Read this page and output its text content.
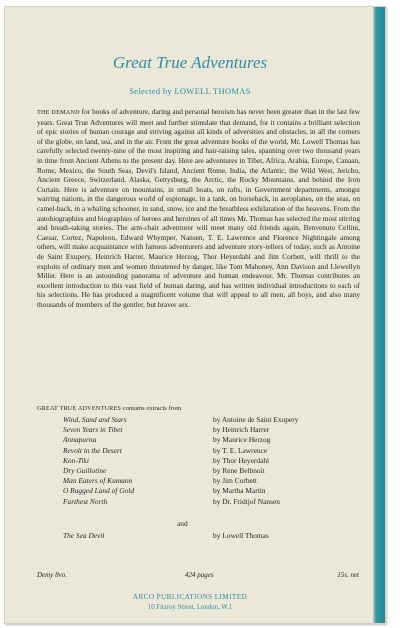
Great True Adventures
Selected by LOWELL THOMAS

THE DEMAND for books of adventure, daring and personal heroism has never been greater than in the last few years. Great True Adventures will meet and further stimulate that demand, for it contains a brilliant selection of epic stories of human courage and striving against all kinds of adversities and obstacles, in all the corners of the globe, on land, sea, and in the air. From the great adventure books of the world, Mr. Lowell Thomas has carefully selected twenty-nine of the most inspiring and hair-raising tales, spanning over two thousand years in time from Ancient Athens to the present day. Here are adventures in Tibet, Africa, Arabia, Europe, Canaan, Rome, Mexico, the South Seas, Devil's Island, Ancient Rome, India, the Atlantic, the Wild West, Jericho, Ancient Greece, Switzerland, Alaska, Gettysburg, the Arctic, the Rocky Mountains, and behind the Iron Curtain. Here is adventure on mountains, in small boats, on rafts, in Government departments, amongst warring nations, in the dangerous world of espionage, in a tank, on horseback, in aeroplanes, on the seas, on camel-back, in a whaling schooner, in sand, snow, ice and the breathless exhilaration of the heavens. From the autobiographies and biographies of heroes and heroines of all times Mr. Thomas has selected the most stirring and breath-taking stories. The arm-chair adventurer will meet many old friends again, Benvenuto Cellini, Caesar, Cortez, Napoleon, Edward Whymper, Nansen, T. E. Lawrence and Florence Nightingale among others, will make acquaintance with famous adventurers and adventure story-tellers of today, such as Antoine de Saint Exupery, Heinrich Harrer, Maurice Herzog, Thor Heyerdahl and Jim Corbett, will thrill to the exploits of ordinary men and women threatened by danger, like Tom Mahoney, Ann Davison and Llewellyn Miller. Here is an astounding panorama of adventure and human endeavour. Mr. Thomas contributes an excellent introduction to this vast field of human daring, and has written individual introductions to each of his selections. He has produced a magnificent volume that will appeal to all men, all boys, and also many thousands of members of the gentler, but braver sex.

GREAT TRUE ADVENTURES contains extracts from
Wind, Sand and Stars	by Antoine de Saint Exupery
Seven Years in Tibet	by Heinrich Harrer
Annapurna	by Maurice Herzog
Revolt in the Desert	by T. E. Lawrence
Kon-Tiki	by Thor Heyerdahl
Dry Guillotine	by Rene Belbnoit
Man Eaters of Kumaon	by Jim Corbett
O Rugged Land of Gold	by Martha Martin
Farthest North	by Dr. Fridtjof Nansen
and
The Sea Devil	by Lowell Thomas
Demy 8vo.	424 pages	15s. net
ARCO PUBLICATIONS LIMITED
10 Fitzroy Street, London, W.1
